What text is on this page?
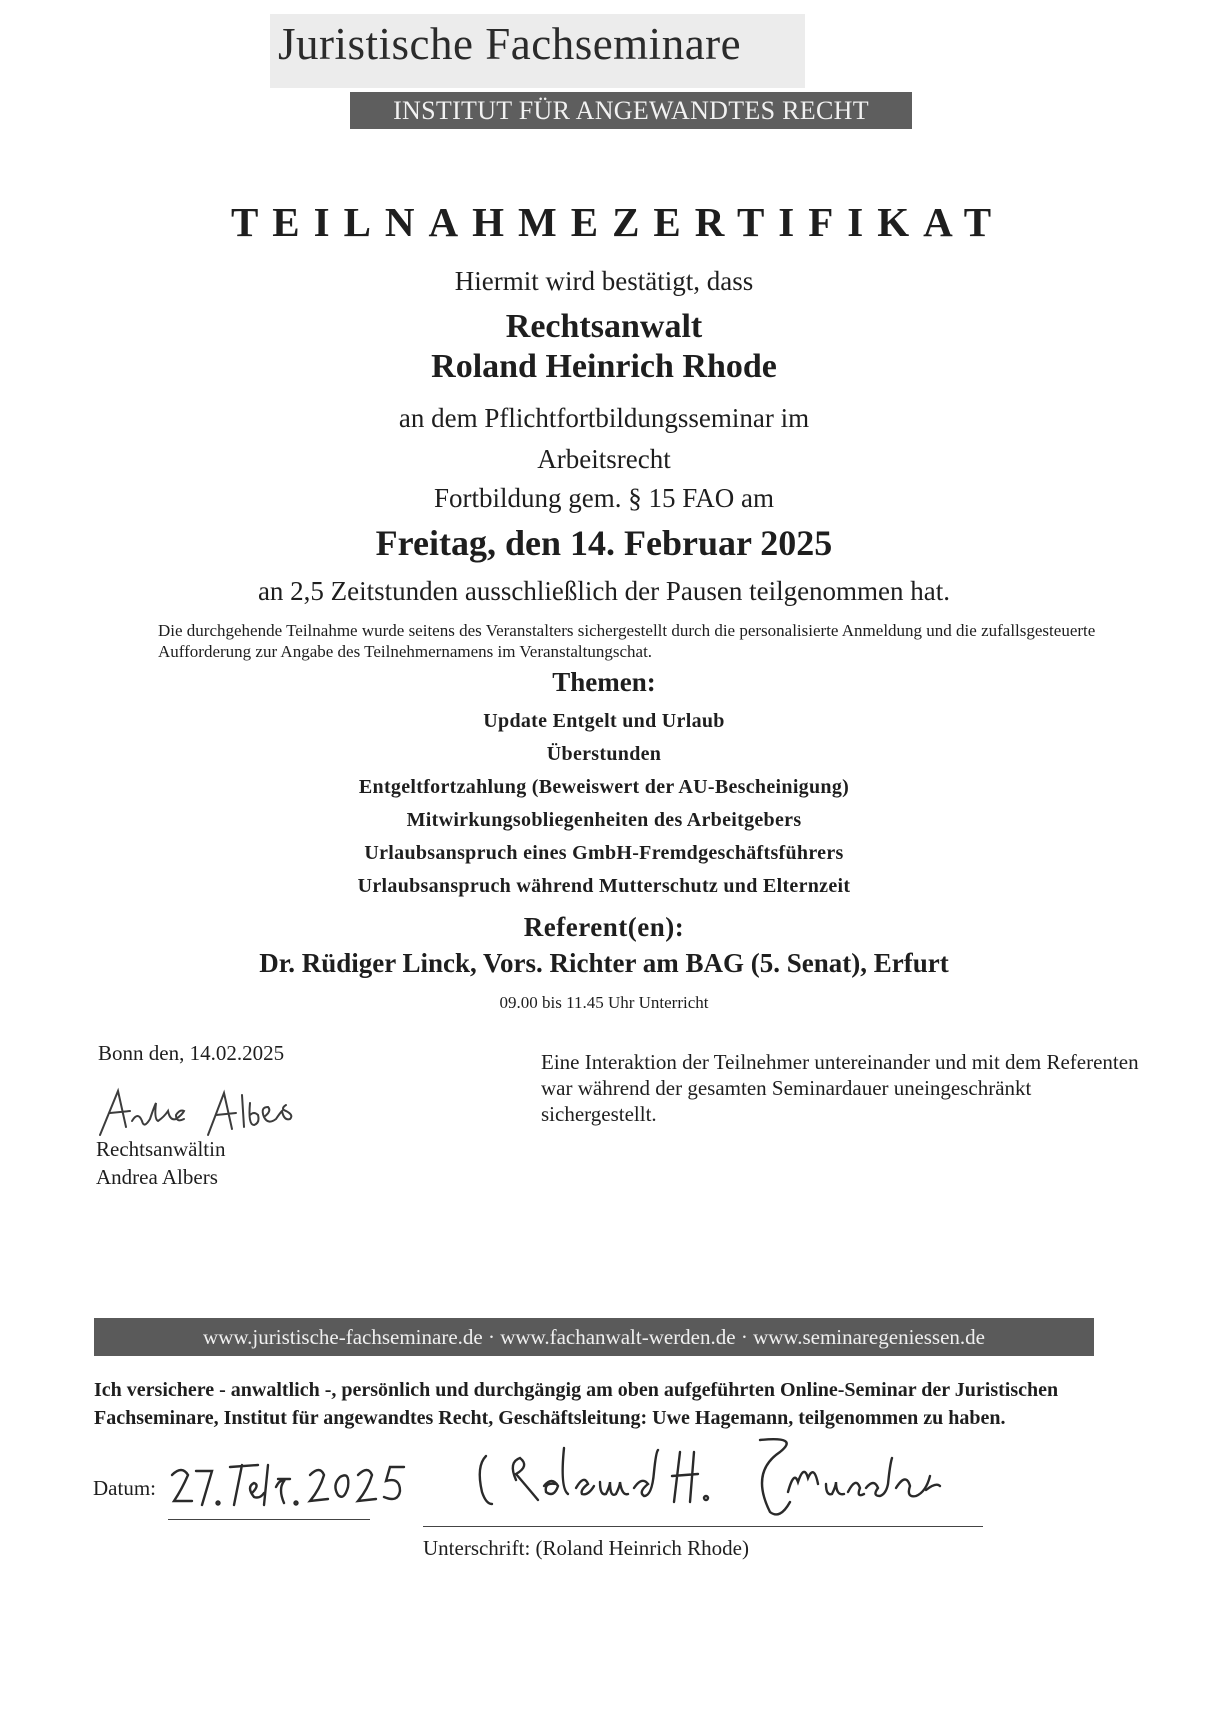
Juristische Fachseminare
INSTITUT FÜR ANGEWANDTES RECHT
TEILNAHMEZERTIFIKAT
Hiermit wird bestätigt, dass
Rechtsanwalt
Roland Heinrich Rhode
an dem Pflichtfortbildungsseminar im
Arbeitsrecht
Fortbildung gem. § 15 FAO am
Freitag, den 14. Februar 2025
an 2,5 Zeitstunden ausschließlich der Pausen teilgenommen hat.
Die durchgehende Teilnahme wurde seitens des Veranstalters sichergestellt durch die personalisierte Anmeldung und die zufallsgesteuerte Aufforderung zur Angabe des Teilnehmernamens im Veranstaltungschat.
Themen:
Update Entgelt und Urlaub
Überstunden
Entgeltfortzahlung (Beweiswert der AU-Bescheinigung)
Mitwirkungsobliegenheiten des Arbeitgebers
Urlaubsanspruch eines GmbH-Fremdgeschäftsführers
Urlaubsanspruch während Mutterschutz und Elternzeit
Referent(en):
Dr. Rüdiger Linck, Vors. Richter am BAG (5. Senat), Erfurt
09.00 bis 11.45 Uhr Unterricht
Bonn den, 14.02.2025
Rechtsanwältin
Andrea Albers
Eine Interaktion der Teilnehmer untereinander und mit dem Referenten war während der gesamten Seminardauer uneingeschränkt sichergestellt.
www.juristische-fachseminare.de · www.fachanwalt-werden.de · www.seminaregeniessen.de
Ich versichere - anwaltlich -, persönlich und durchgängig am oben aufgeführten Online-Seminar der Juristischen Fachseminare, Institut für angewandtes Recht, Geschäftsleitung: Uwe Hagemann, teilgenommen zu haben.
Datum:
Unterschrift: (Roland Heinrich Rhode)
